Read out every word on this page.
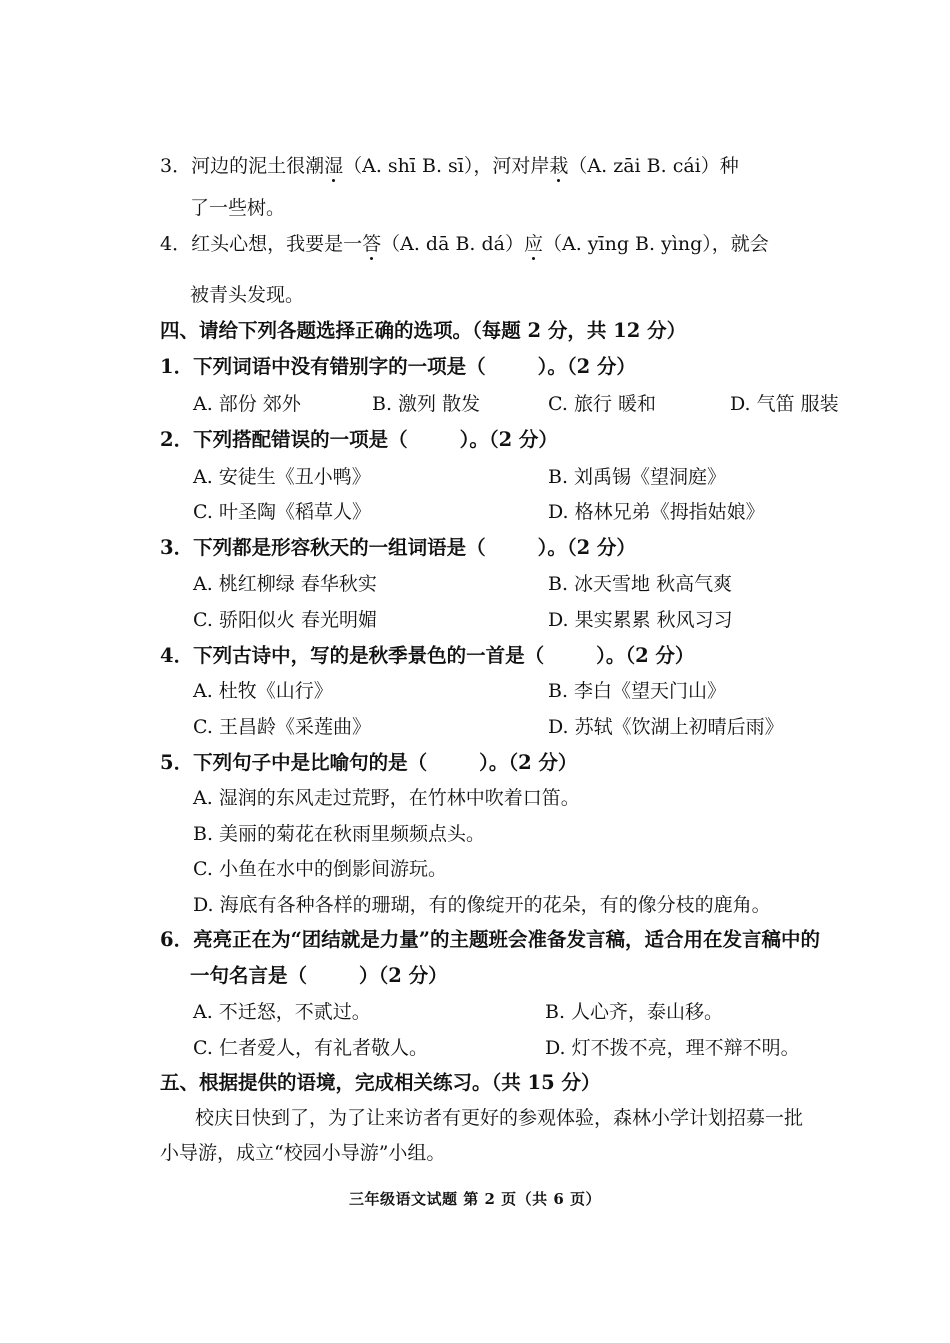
3．河边的泥土很潮湿（A. shī B. sī），河对岸栽（A. zāi B. cái）种
了一些树。
4．红头心想，我要是一答（A. dā B. dá）应（A. yīng B. yìng），就会
被青头发现。
四、请给下列各题选择正确的选项。（每题 2 分，共 12 分）
1．下列词语中没有错别字的一项是（	）。（2 分）
A. 部份 郊外	B. 激列 散发	C. 旅行 暖和	D. 气笛 服装
2．下列搭配错误的一项是（	）。（2 分）
A. 安徒生《丑小鸭》	B. 刘禹锡《望洞庭》
C. 叶圣陶《稻草人》	D. 格林兄弟《拇指姑娘》
3．下列都是形容秋天的一组词语是（	）。（2 分）
A. 桃红柳绿 春华秋实	B. 冰天雪地 秋高气爽
C. 骄阳似火 春光明媚	D. 果实累累 秋风习习
4．下列古诗中，写的是秋季景色的一首是（	）。（2 分）
A. 杜牧《山行》	B. 李白《望天门山》
C. 王昌龄《采莲曲》	D. 苏轼《饮湖上初晴后雨》
5．下列句子中是比喻句的是（	）。（2 分）
A. 湿润的东风走过荒野，在竹林中吹着口笛。
B. 美丽的菊花在秋雨里频频点头。
C. 小鱼在水中的倒影间游玩。
D. 海底有各种各样的珊瑚，有的像绽开的花朵，有的像分枝的鹿角。
6．亮亮正在为“团结就是力量”的主题班会准备发言稿，适合用在发言稿中的
一句名言是（	）（2 分）
A. 不迁怒，不贰过。	B. 人心齐，泰山移。
C. 仁者爱人，有礼者敬人。	D. 灯不拨不亮，理不辩不明。
五、根据提供的语境，完成相关练习。（共 15 分）
校庆日快到了，为了让来访者有更好的参观体验，森林小学计划招募一批
小导游，成立“校园小导游”小组。
三年级语文试题 第 2 页（共 6 页）
